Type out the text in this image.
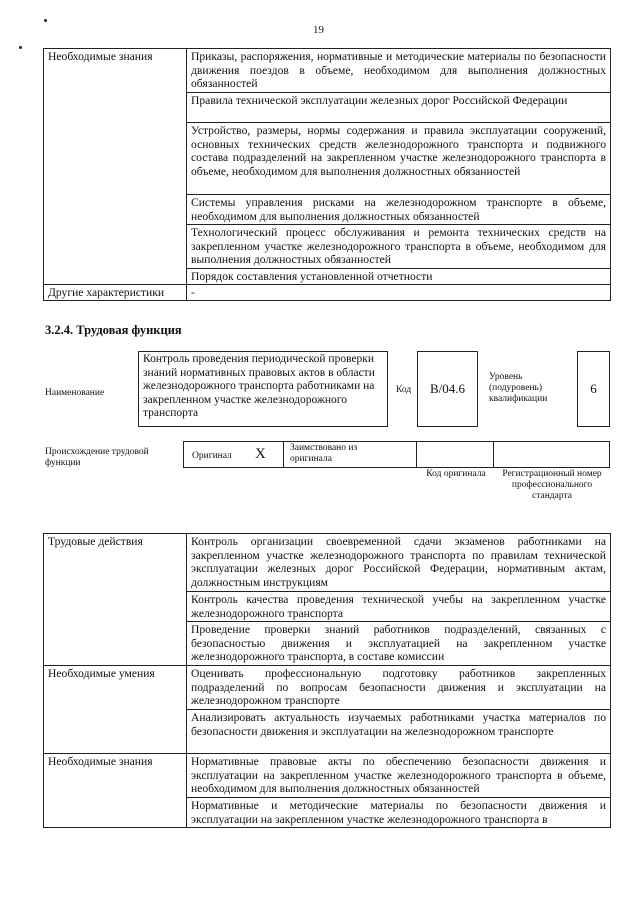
19
Необходимые знания	Приказы, распоряжения, нормативные и методические материалы по безопасности движения поездов в объеме, необходимом для выполнения должностных обязанностей
	Правила технической эксплуатации железных дорог Российской Федерации
	Устройство, размеры, нормы содержания и правила эксплуатации сооружений, основных технических средств железнодорожного транспорта и подвижного состава подразделений на закрепленном участке железнодорожного транспорта в объеме, необходимом для выполнения должностных обязанностей
	Системы управления рисками на железнодорожном транспорте в объеме, необходимом для выполнения должностных обязанностей
	Технологический процесс обслуживания и ремонта технических средств на закрепленном участке железнодорожного транспорта в объеме, необходимом для выполнения должностных обязанностей
	Порядок составления установленной отчетности
Другие характеристики	-
3.2.4. Трудовая функция
Наименование
Контроль проведения периодической проверки знаний нормативных правовых актов в области железнодорожного транспорта работниками на закрепленном участке железнодорожного транспорта
Код	B/04.6
Уровень (подуровень) квалификации
6
Происхождение трудовой функции
Оригинал X	Заимствовано из оригинала
Код оригинала	Регистрационный номер профессионального стандарта
Трудовые действия	Контроль организации своевременной сдачи экзаменов работниками на закрепленном участке железнодорожного транспорта по правилам технической эксплуатации железных дорог Российской Федерации, нормативным актам, должностным инструкциям
	Контроль качества проведения технической учебы на закрепленном участке железнодорожного транспорта
	Проведение проверки знаний работников подразделений, связанных с безопасностью движения и эксплуатацией на закрепленном участке железнодорожного транспорта, в составе комиссии
Необходимые умения	Оценивать профессиональную подготовку работников закрепленных подразделений по вопросам безопасности движения и эксплуатации на железнодорожном транспорте
	Анализировать актуальность изучаемых работниками участка материалов по безопасности движения и эксплуатации на железнодорожном транспорте
Необходимые знания	Нормативные правовые акты по обеспечению безопасности движения и эксплуатации на закрепленном участке железнодорожного транспорта в объеме, необходимом для выполнения должностных обязанностей
	Нормативные и методические материалы по безопасности движения и эксплуатации на закрепленном участке железнодорожного транспорта в
